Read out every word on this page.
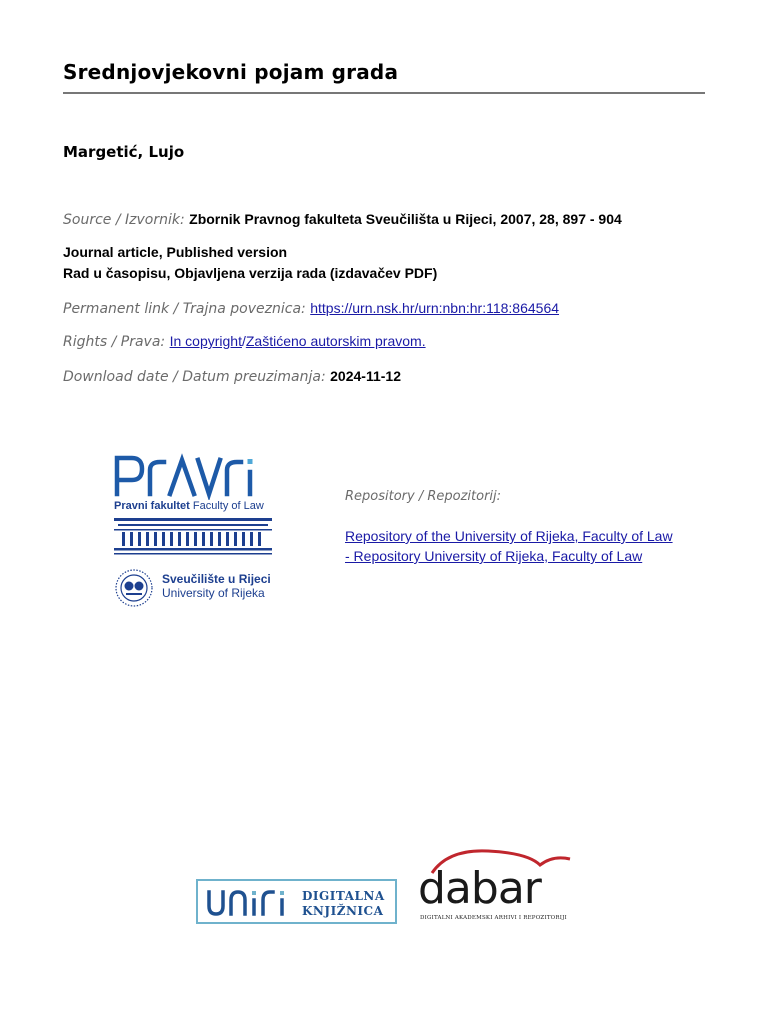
Srednjovjekovni pojam grada
Margetić, Lujo
Source / Izvornik: Zbornik Pravnog fakulteta Sveučilišta u Rijeci, 2007, 28, 897 - 904
Journal article, Published version
Rad u časopisu, Objavljena verzija rada (izdavačev PDF)
Permanent link / Trajna poveznica: https://urn.nsk.hr/urn:nbn:hr:118:864564
Rights / Prava: In copyright/Zaštićeno autorskim pravom.
Download date / Datum preuzimanja: 2024-11-12
Pravni fakultet Faculty of Law
Sveučilište u Rijeci
University of Rijeka
Repository / Repozitorij:
Repository of the University of Rijeka, Faculty of Law
- Repository University of Rijeka, Faculty of Law
DIGITALNA
KNJIŽNICA dabar
DIGITALNI AKADEMSKI ARHIVI I REPOZITORIJI
